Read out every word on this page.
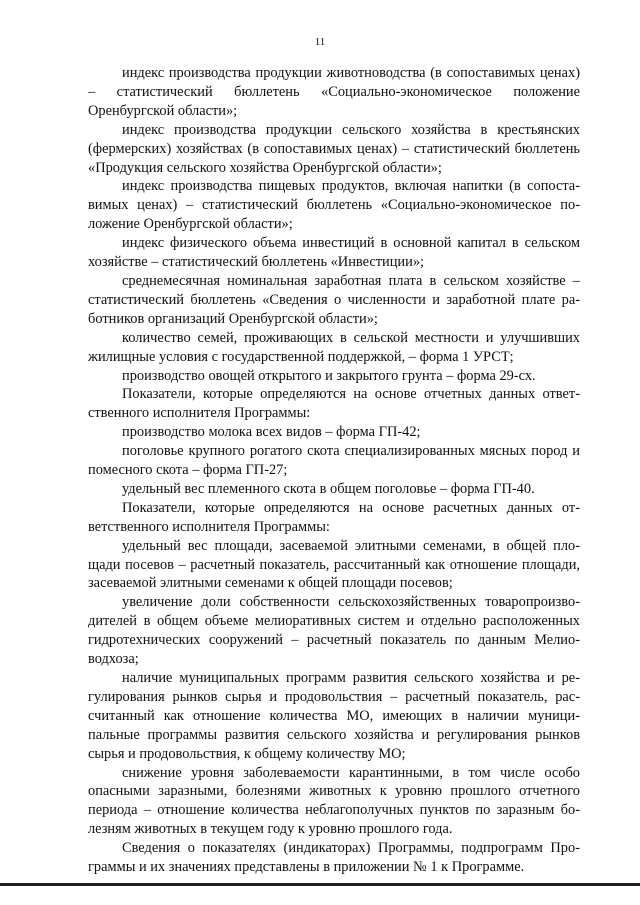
11

индекс производства продукции животноводства (в сопоставимых ценах) – статистический бюллетень «Социально-экономическое положение Оренбургской области»;

индекс производства продукции сельского хозяйства в крестьянских (фермерских) хозяйствах (в сопоставимых ценах) – статистический бюллетень «Продукция сельского хозяйства Оренбургской области»;

индекс производства пищевых продуктов, включая напитки (в сопоставимых ценах) – статистический бюллетень «Социально-экономическое положение Оренбургской области»;

индекс физического объема инвестиций в основной капитал в сельском хозяйстве – статистический бюллетень «Инвестиции»;

среднемесячная номинальная заработная плата в сельском хозяйстве – статистический бюллетень «Сведения о численности и заработной плате работников организаций Оренбургской области»;

количество семей, проживающих в сельской местности и улучшивших жилищные условия с государственной поддержкой, – форма 1 УРСТ;

производство овощей открытого и закрытого грунта – форма 29-сх.

Показатели, которые определяются на основе отчетных данных ответственного исполнителя Программы:

производство молока всех видов – форма ГП-42;

поголовье крупного рогатого скота специализированных мясных пород и помесного скота – форма ГП-27;

удельный вес племенного скота в общем поголовье – форма ГП-40.

Показатели, которые определяются на основе расчетных данных ответственного исполнителя Программы:

удельный вес площади, засеваемой элитными семенами, в общей площади посевов – расчетный показатель, рассчитанный как отношение площади, засеваемой элитными семенами к общей площади посевов;

увеличение доли собственности сельскохозяйственных товаропроизводителей в общем объеме мелиоративных систем и отдельно расположенных гидротехнических сооружений – расчетный показатель по данным Мелиоводхоза;

наличие муниципальных программ развития сельского хозяйства и регулирования рынков сырья и продовольствия – расчетный показатель, рассчитанный как отношение количества МО, имеющих в наличии муниципальные программы развития сельского хозяйства и регулирования рынков сырья и продовольствия, к общему количеству МО;

снижение уровня заболеваемости карантинными, в том числе особо опасными заразными, болезнями животных к уровню прошлого отчетного периода – отношение количества неблагополучных пунктов по заразным болезням животных в текущем году к уровню прошлого года.

Сведения о показателях (индикаторах) Программы, подпрограмм Программы и их значениях представлены в приложении № 1 к Программе.
